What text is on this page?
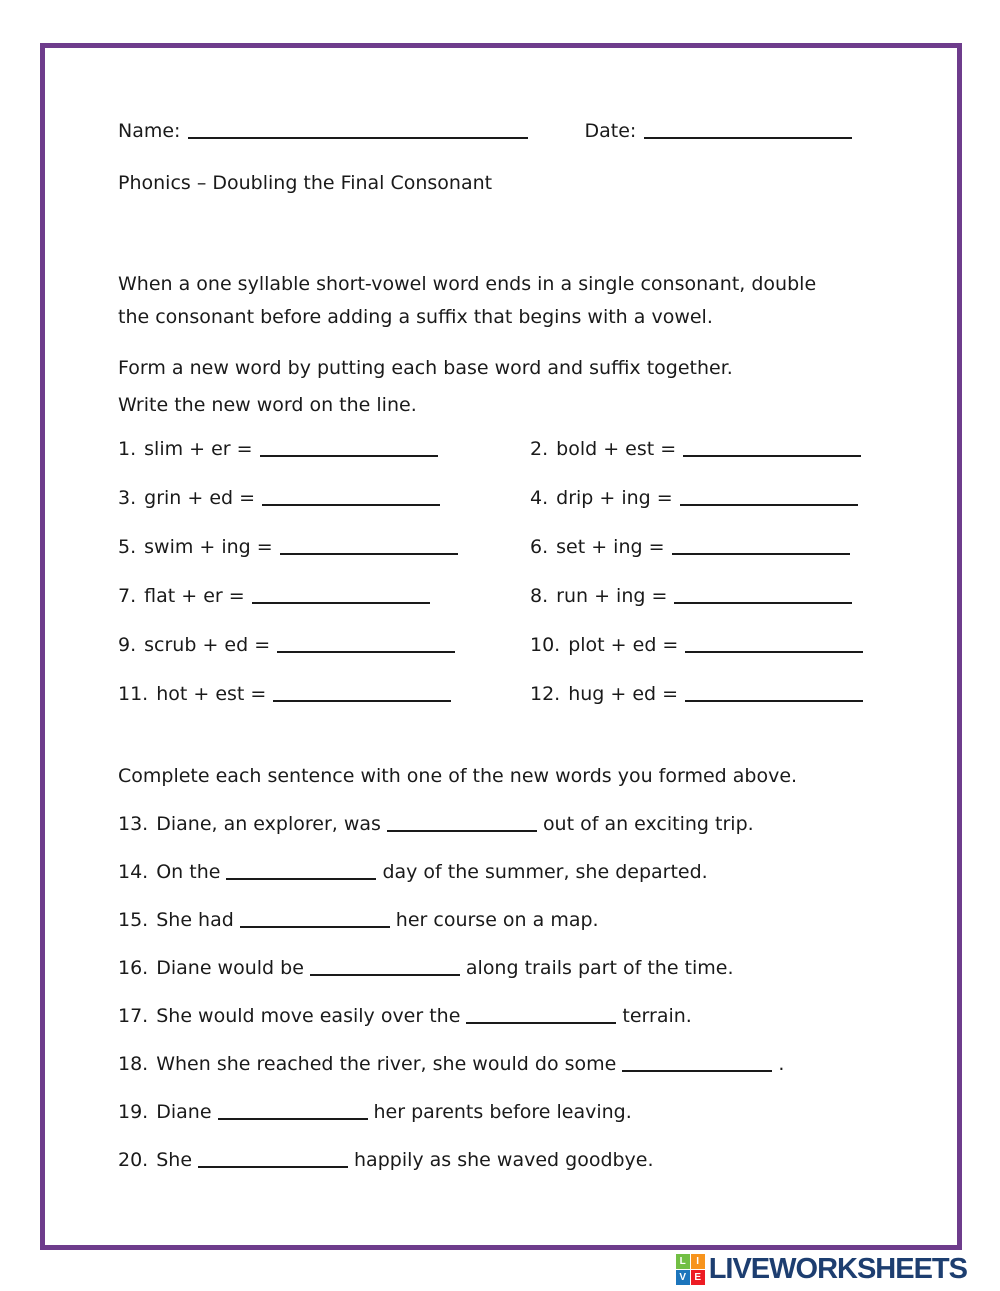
Name:	Date:
Phonics – Doubling the Final Consonant
When a one syllable short-vowel word ends in a single consonant, double
the consonant before adding a suffix that begins with a vowel.
Form a new word by putting each base word and suffix together.
Write the new word on the line.
1. slim + er =	2. bold + est =
3. grin + ed =	4. drip + ing =
5. swim + ing =	6. set + ing =
7. flat + er =	8. run + ing =
9. scrub + ed =	10. plot + ed =
11. hot + est =	12. hug + ed =
Complete each sentence with one of the new words you formed above.

13. Diane, an explorer, was	out of an exciting trip.

14. On the	day of the summer, she departed.

15. She had	her course on a map.

16. Diane would be	along trails part of the time.

17. She would move easily over the	terrain.

18. When she reached the river, she would do some	.

19. Diane	her parents before leaving.

20. She	happily as she waved goodbye.

L	I
V E LIVEWORKSHEETS
